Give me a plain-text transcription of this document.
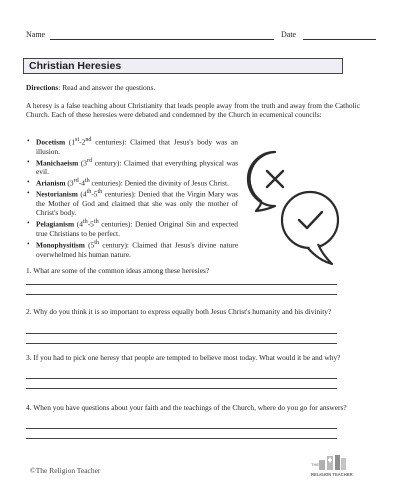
Name	Date
Christian Heresies
Directions: Read and answer the questions.
A heresy is a false teaching about Christianity that leads people away from the truth and away from the Catholic Church. Each of these heresies were debated and condemned by the Church in ecumenical councils:
• Docetism (1st-2nd centuries): Claimed that Jesus's body was an illusion.
• Manichaeism (3rd century): Claimed that everything physical was evil.
• Arianism (3rd-4th centuries): Denied the divinity of Jesus Christ.
• Nestorianism (4th-5th centuries): Denied that the Virgin Mary was the Mother of God and claimed that she was only the mother of Christ's body.
• Pelagianism (4th-5th centuries): Denied Original Sin and expected true Christians to be perfect.
• Monophysitism (5th century): Claimed that Jesus's divine nature overwhelmed his human nature.
1. What are some of the common ideas among these heresies?
2. Why do you think it is so important to express equally both Jesus Christ's humanity and his divinity?
3. If you had to pick one heresy that people are tempted to believe most today. What would it be and why?
4. When you have questions about your faith and the teachings of the Church, where do you go for answers?
©The Religion Teacher
THE
RELIGION TEACHER
